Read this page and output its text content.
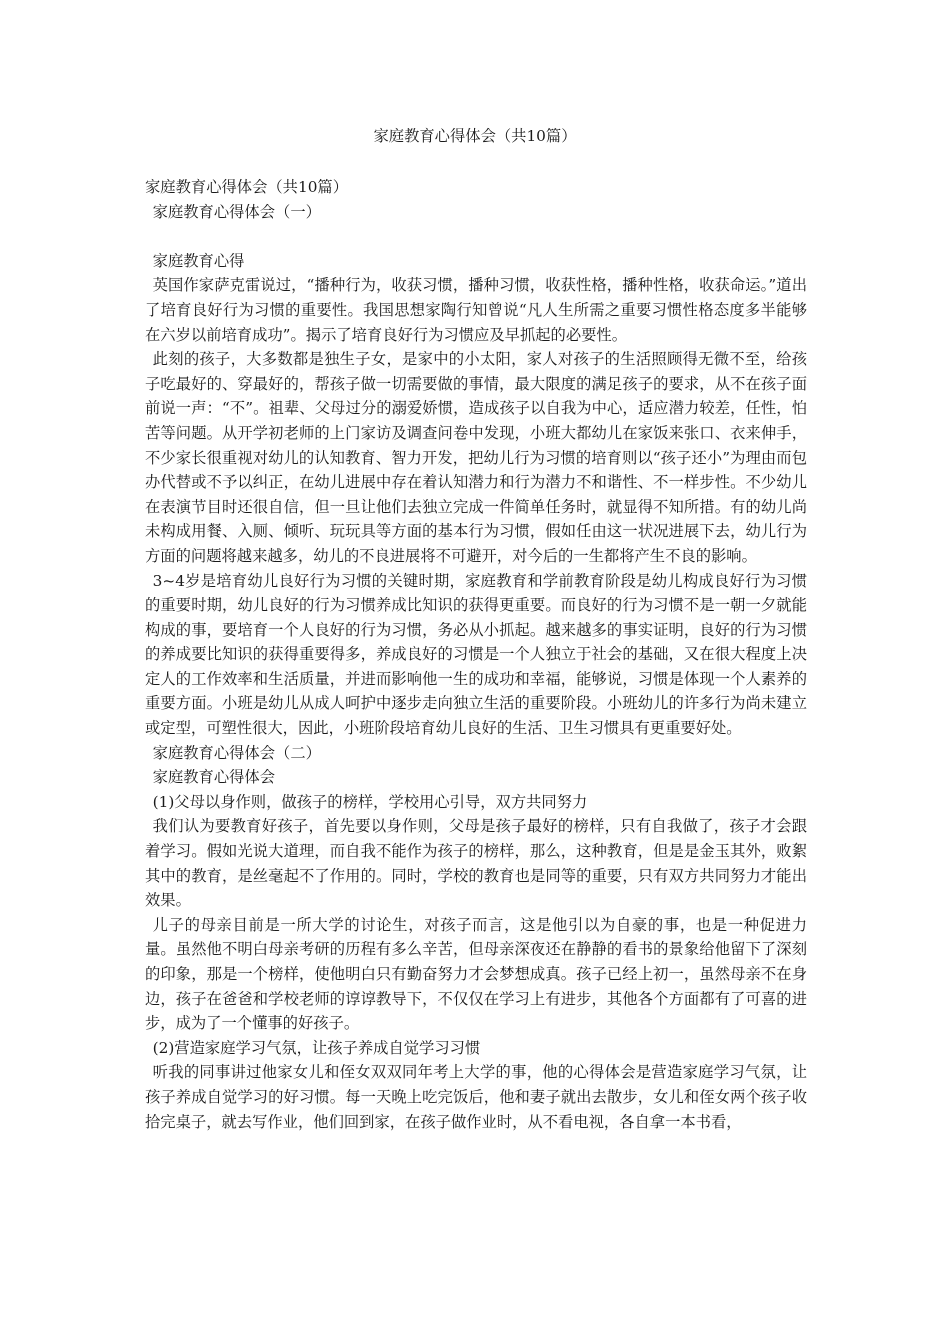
家庭教育心得体会（共10篇）

家庭教育心得体会（共10篇）

家庭教育心得体会（一）

家庭教育心得

英国作家萨克雷说过，“播种行为，收获习惯，播种习惯，收获性格，播种性格，收获命运。”道出了培育良好行为习惯的重要性。我国思想家陶行知曾说“凡人生所需之重要习惯性格态度多半能够在六岁以前培育成功”。揭示了培育良好行为习惯应及早抓起的必要性。

此刻的孩子，大多数都是独生子女，是家中的小太阳，家人对孩子的生活照顾得无微不至，给孩子吃最好的、穿最好的，帮孩子做一切需要做的事情，最大限度的满足孩子的要求，从不在孩子面前说一声：“不”。祖辈、父母过分的溺爱娇惯，造成孩子以自我为中心，适应潜力较差，任性，怕苦等问题。从开学初老师的上门家访及调查问卷中发现，小班大都幼儿在家饭来张口、衣来伸手，不少家长很重视对幼儿的认知教育、智力开发，把幼儿行为习惯的培育则以“孩子还小”为理由而包办代替或不予以纠正，在幼儿进展中存在着认知潜力和行为潜力不和谐性、不一样步性。不少幼儿在表演节目时还很自信，但一旦让他们去独立完成一件简单任务时，就显得不知所措。有的幼儿尚未构成用餐、入厕、倾听、玩玩具等方面的基本行为习惯，假如任由这一状况进展下去，幼儿行为方面的问题将越来越多，幼儿的不良进展将不可避开，对今后的一生都将产生不良的影响。

3~4岁是培育幼儿良好行为习惯的关键时期，家庭教育和学前教育阶段是幼儿构成良好行为习惯的重要时期，幼儿良好的行为习惯养成比知识的获得更重要。而良好的行为习惯不是一朝一夕就能构成的事，要培育一个人良好的行为习惯，务必从小抓起。越来越多的事实证明，良好的行为习惯的养成要比知识的获得重要得多，养成良好的习惯是一个人独立于社会的基础，又在很大程度上决定人的工作效率和生活质量，并进而影响他一生的成功和幸福，能够说，习惯是体现一个人素养的重要方面。小班是幼儿从成人呵护中逐步走向独立生活的重要阶段。小班幼儿的许多行为尚未建立或定型，可塑性很大，因此，小班阶段培育幼儿良好的生活、卫生习惯具有更重要好处。

家庭教育心得体会（二）

家庭教育心得体会

(1)父母以身作则，做孩子的榜样，学校用心引导，双方共同努力

我们认为要教育好孩子，首先要以身作则，父母是孩子最好的榜样，只有自我做了，孩子才会跟着学习。假如光说大道理，而自我不能作为孩子的榜样，那么，这种教育，但是是金玉其外，败絮其中的教育，是丝毫起不了作用的。同时，学校的教育也是同等的重要，只有双方共同努力才能出效果。

儿子的母亲目前是一所大学的讨论生，对孩子而言，这是他引以为自豪的事，也是一种促进力量。虽然他不明白母亲考研的历程有多么辛苦，但母亲深夜还在静静的看书的景象给他留下了深刻的印象，那是一个榜样，使他明白只有勤奋努力才会梦想成真。孩子已经上初一，虽然母亲不在身边，孩子在爸爸和学校老师的谆谆教导下，不仅仅在学习上有进步，其他各个方面都有了可喜的进步，成为了一个懂事的好孩子。

(2)营造家庭学习气氛，让孩子养成自觉学习习惯

听我的同事讲过他家女儿和侄女双双同年考上大学的事，他的心得体会是营造家庭学习气氛，让孩子养成自觉学习的好习惯。每一天晚上吃完饭后，他和妻子就出去散步，女儿和侄女两个孩子收拾完桌子，就去写作业，他们回到家，在孩子做作业时，从不看电视，各自拿一本书看，
